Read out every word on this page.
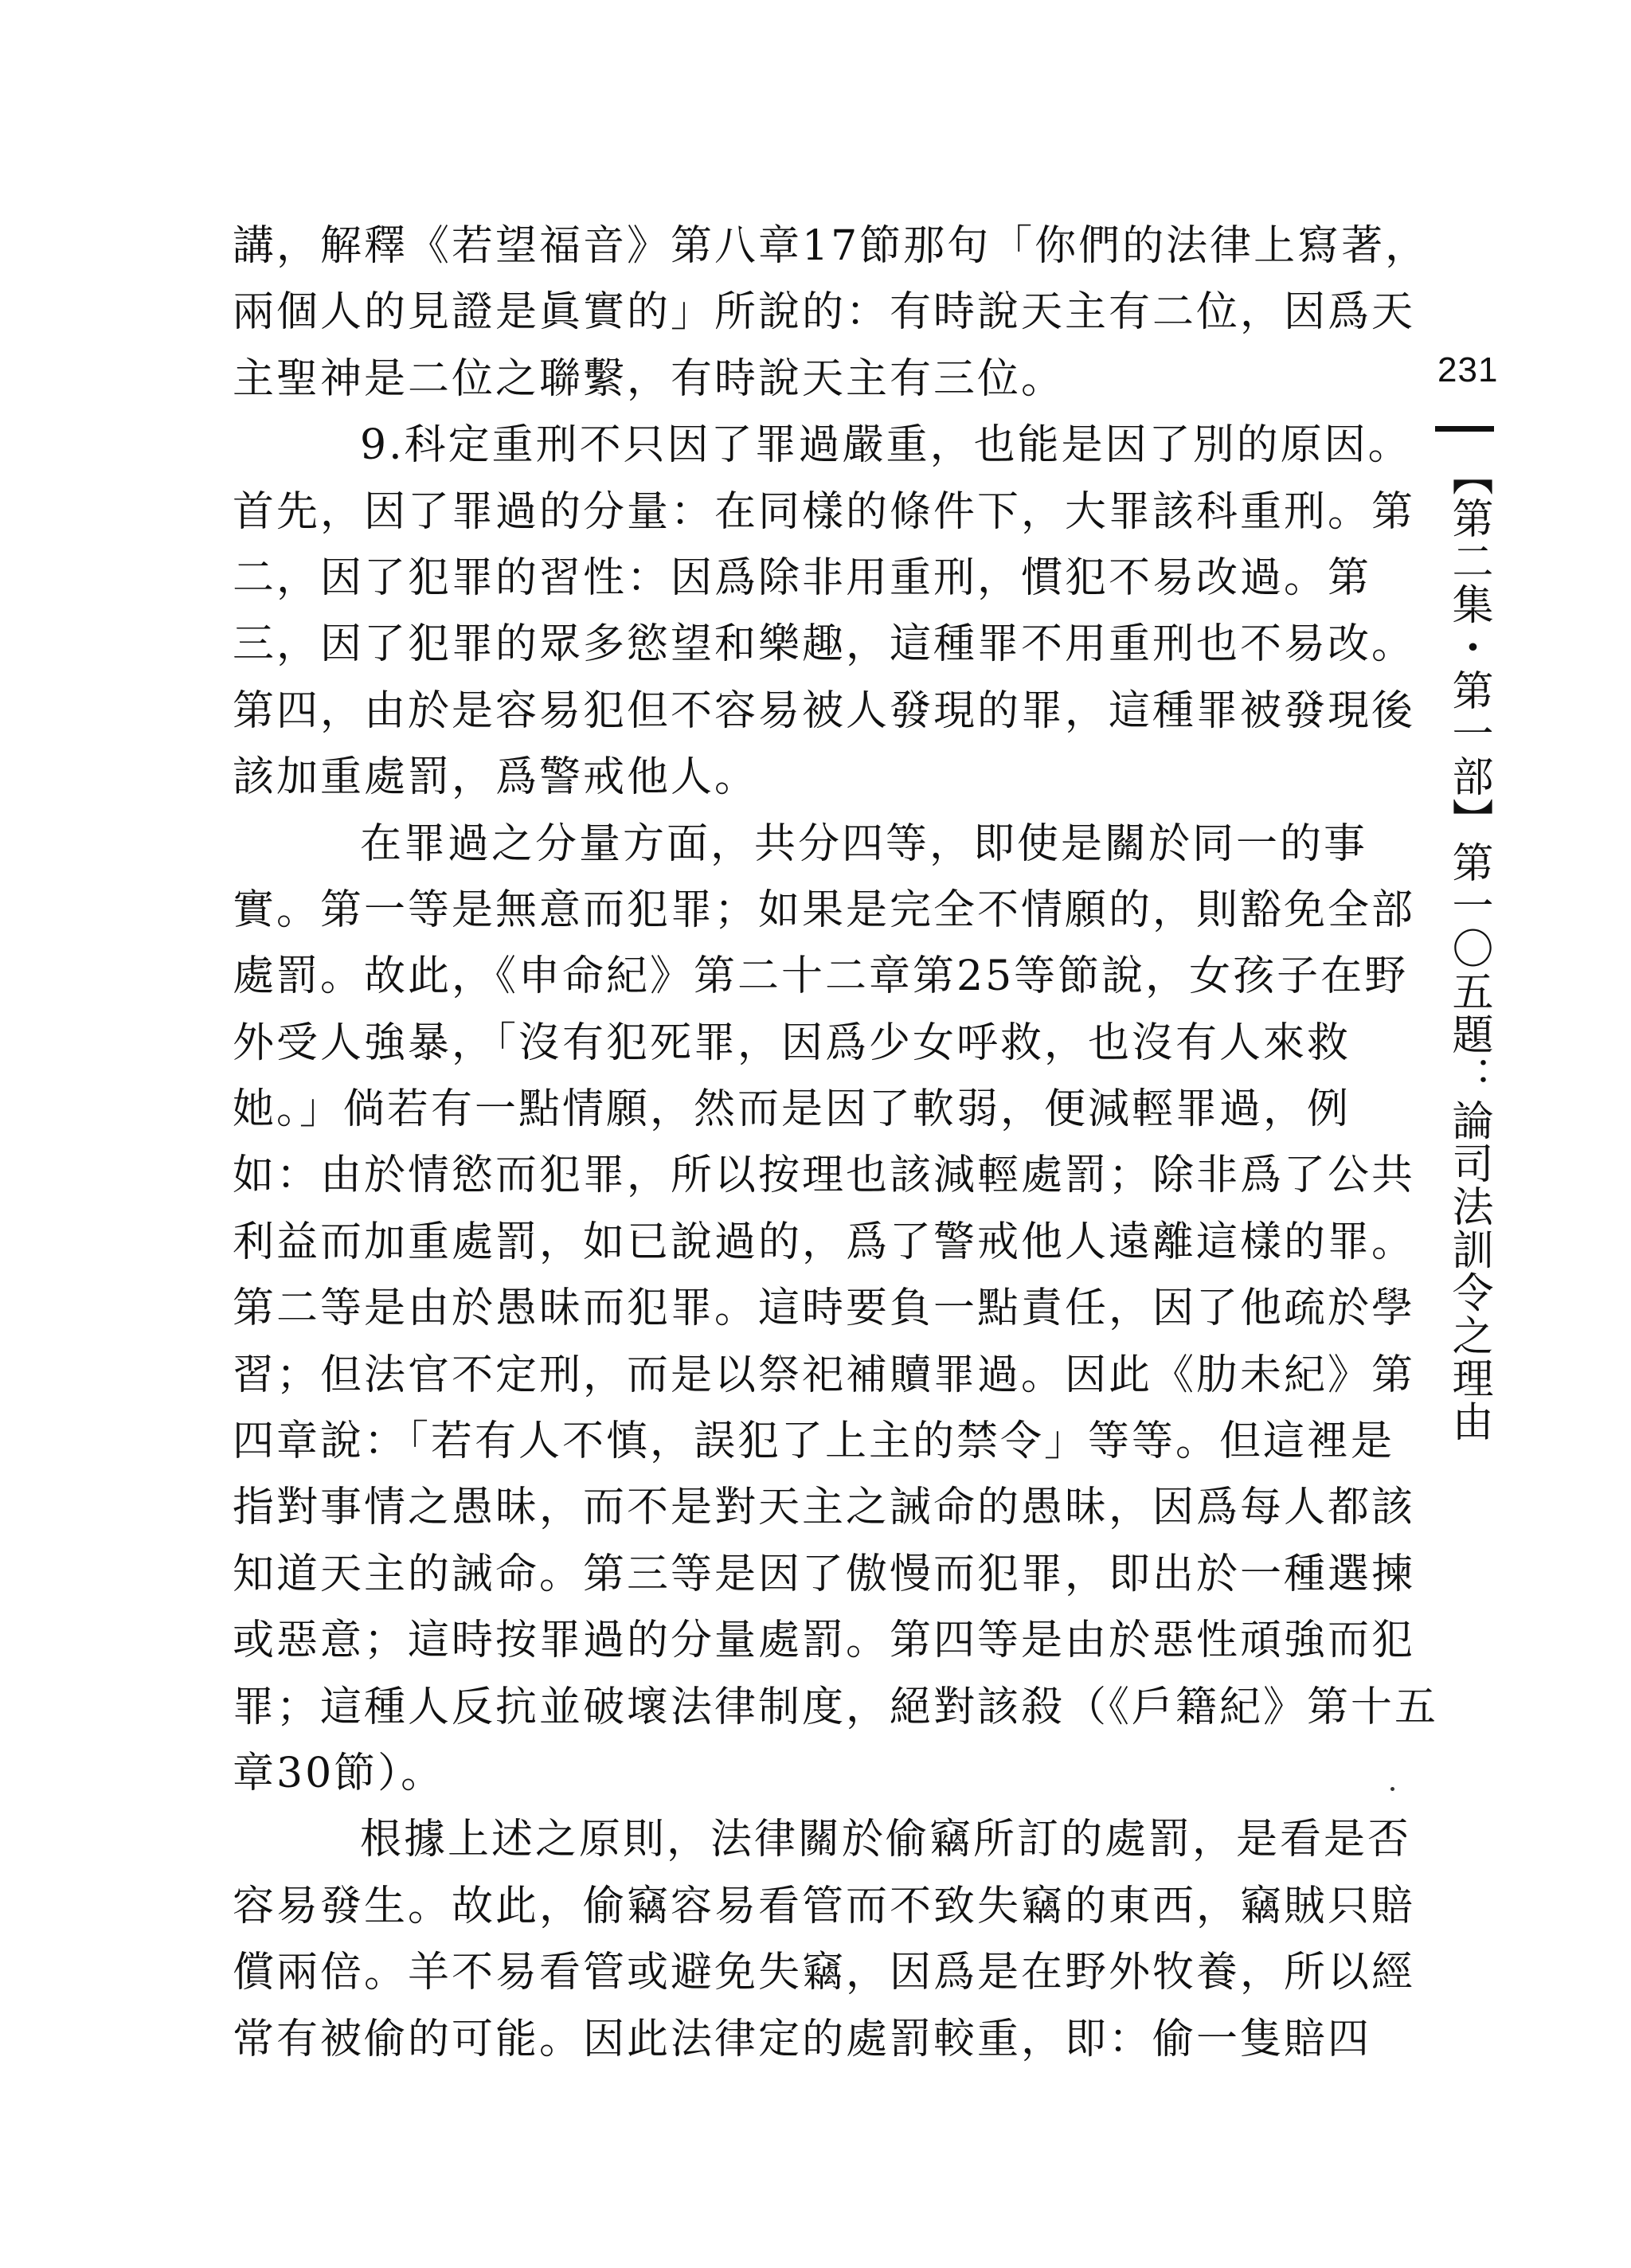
講，解釋《若望福音》第八章17節那句「你們的法律上寫著，
兩個人的見證是眞實的」所說的：有時說天主有二位，因爲天
主聖神是二位之聯繫，有時說天主有三位。
9.科定重刑不只因了罪過嚴重，也能是因了別的原因。
首先，因了罪過的分量：在同樣的條件下，大罪該科重刑。第
二，因了犯罪的習性：因爲除非用重刑，慣犯不易改過。第
三，因了犯罪的眾多慾望和樂趣，這種罪不用重刑也不易改。
第四，由於是容易犯但不容易被人發現的罪，這種罪被發現後
該加重處罰，爲警戒他人。
在罪過之分量方面，共分四等，即使是關於同一的事
實。第一等是無意而犯罪；如果是完全不情願的，則豁免全部
處罰。故此，《申命紀》第二十二章第25等節說，女孩子在野
外受人強暴，「沒有犯死罪，因爲少女呼救，也沒有人來救
她。」倘若有一點情願，然而是因了軟弱，便減輕罪過，例
如：由於情慾而犯罪，所以按理也該減輕處罰；除非爲了公共
利益而加重處罰，如已說過的，爲了警戒他人遠離這樣的罪。
第二等是由於愚昧而犯罪。這時要負一點責任，因了他疏於學
習；但法官不定刑，而是以祭祀補贖罪過。因此《肋未紀》第
四章說：「若有人不慎，誤犯了上主的禁令」等等。但這裡是
指對事情之愚昧，而不是對天主之誡命的愚昧，因爲每人都該
知道天主的誡命。第三等是因了傲慢而犯罪，即出於一種選揀
或惡意；這時按罪過的分量處罰。第四等是由於惡性頑強而犯
罪；這種人反抗並破壞法律制度，絕對該殺（《戶籍紀》第十五
章30節）。
根據上述之原則，法律關於偷竊所訂的處罰，是看是否
容易發生。故此，偷竊容易看管而不致失竊的東西，竊賊只賠
償兩倍。羊不易看管或避免失竊，因爲是在野外牧養，所以經
常有被偷的可能。因此法律定的處罰較重，即：偷一隻賠四
231
【第二集・第一部】第一〇五題：論司法訓令之理由
